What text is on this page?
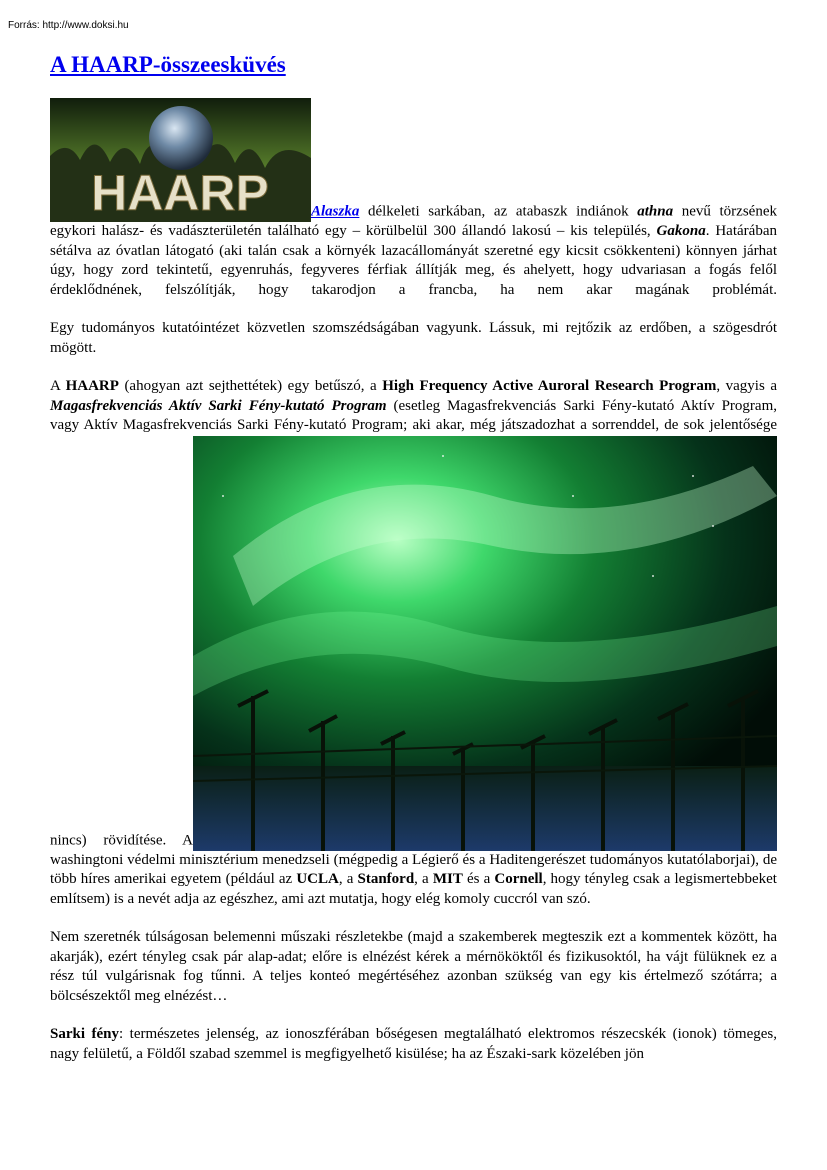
Forrás: http://www.doksi.hu
A HAARP-összeesküvés

HAARP	Alaszka délkeleti sarkában, az atabaszk indiánok athna nevű törzsének egykori halász- és vadászterületén található egy – körülbelül 300 állandó lakosú – kis település, Gakona. Határában sétálva az óvatlan látogató (aki talán csak a környék lazacállományát szeretné egy kicsit csökkenteni) könnyen járhat úgy, hogy zord tekintetű, egyenruhás, fegyveres férfiak állítják meg, és ahelyett, hogy udvariasan a fogás felől érdeklődnének, felszólítják, hogy takarodjon a francba, ha nem akar magának problémát.

Egy tudományos kutatóintézet közvetlen szomszédságában vagyunk. Lássuk, mi rejtőzik az erdőben, a szögesdrót mögött.

A HAARP (ahogyan azt sejthettétek) egy betűszó, a High Frequency Active Auroral Research Program, vagyis a Magasfrekvenciás Aktív Sarki Fény-kutató Program (esetleg Magasfrekvenciás Sarki Fény-kutató Aktív Program, vagy Aktív Magasfrekvenciás Sarki Fény-kutató Program; aki akar, még játszadozhat a sorrenddel, de sok jelentősége nincs) rövidítése. Awashingtoni védelmi minisztérium menedzseli (mégpedig a Légierő és a Haditengerészet tudományos kutatólaborjai), de több híres amerikai egyetem (például az UCLA, a Stanford, a MIT és a Cornell, hogy tényleg csak a legismertebbeket említsem) is a nevét adja az egészhez, ami azt mutatja, hogy elég komoly cuccról van szó.

Nem szeretnék túlságosan belemenni műszaki részletekbe (majd a szakemberek megteszik ezt a kommentek között, ha akarják), ezért tényleg csak pár alap-adat; előre is elnézést kérek a mérnököktől és fizikusoktól, ha vájt fülüknek ez a rész túl vulgárisnak fog tűnni. A teljes konteó megértéséhez azonban szükség van egy kis értelmező szótárra; a bölcsészektől meg elnézést…

Sarki fény: természetes jelenség, az ionoszférában bőségesen megtalálható elektromos részecskék (ionok) tömeges, nagy felületű, a Földől szabad szemmel is megfigyelhető kisülése; ha az Északi-sark közelében jön
